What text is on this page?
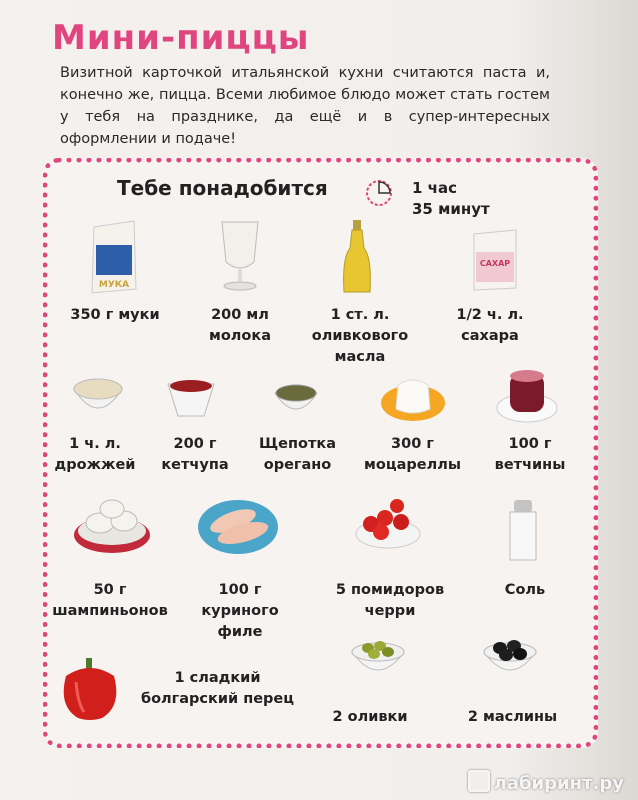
Мини-пиццы
Визитной карточкой итальянской кухни считаются паста и, конечно же, пицца. Всеми любимое блюдо может стать гостем у тебя на празднике, да ещё и в супер-интересных оформлении и подаче!
Тебе понадобится	1 час
35 минут
МУКА
САХАР
350 г муки	200 мл
молока
1 ст. л.
оливкового
масла
1/2 ч. л.
сахара
1 ч. л.
дрожжей
200 г
кетчупа
Щепотка
орегано
300 г
моцареллы
100 г
ветчины
50 г
шампиньонов
100 г
куриного
филе
5 помидоров
черри
Соль
1 сладкий
болгарский перец
2 оливки	2 маслины
лабиринт.ру
